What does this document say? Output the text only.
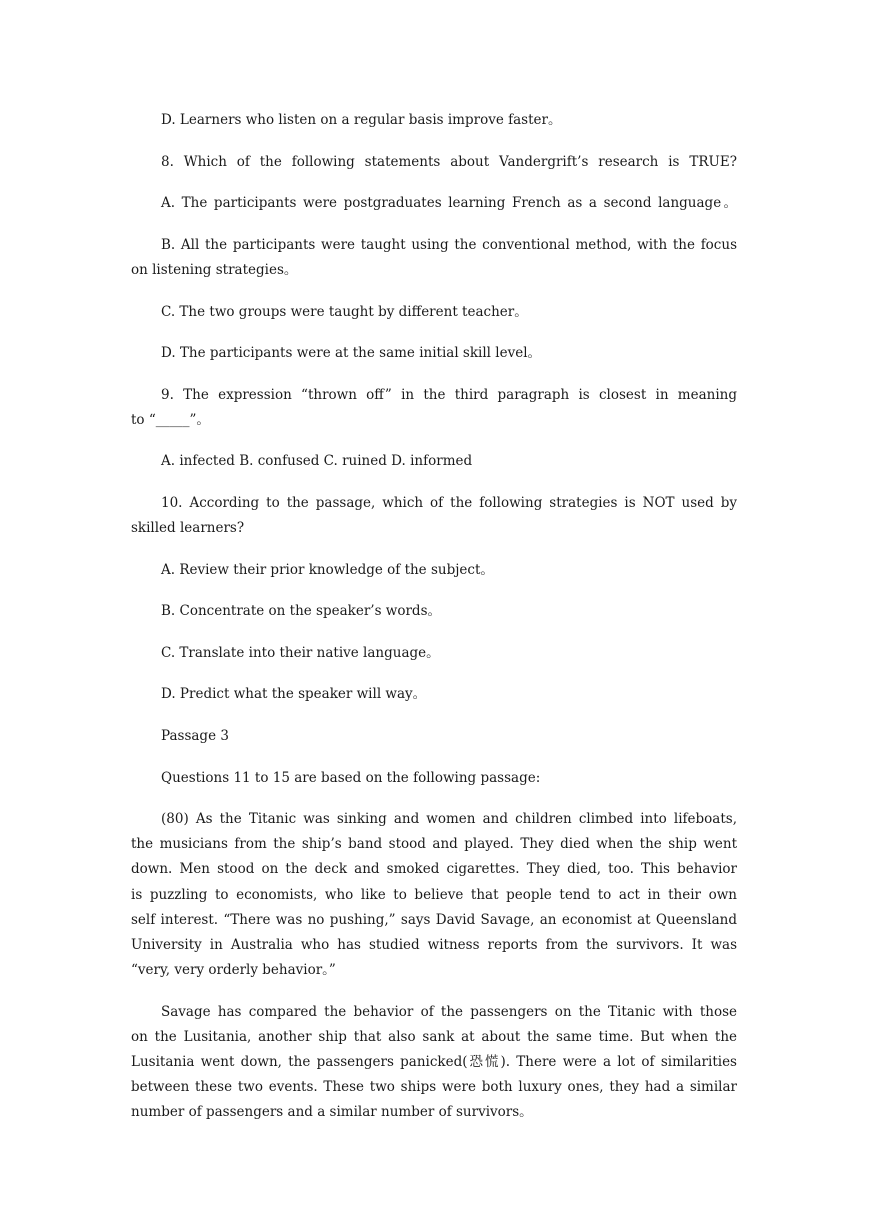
D. Learners who listen on a regular basis improve faster。
8. Which of the following statements about Vandergrift’s research is TRUE?
A. The participants were postgraduates learning French as a second language。
B. All the participants were taught using the conventional method, with the focus
on listening strategies。
C. The two groups were taught by different teacher。
D. The participants were at the same initial skill level。
9. The expression “thrown off” in the third paragraph is closest in meaning
to “_____”。
A. infected B. confused C. ruined D. informed
10. According to the passage, which of the following strategies is NOT used by
skilled learners?
A. Review their prior knowledge of the subject。
B. Concentrate on the speaker’s words。
C. Translate into their native language。
D. Predict what the speaker will way。
Passage 3
Questions 11 to 15 are based on the following passage:
(80) As the Titanic was sinking and women and children climbed into lifeboats,
the musicians from the ship’s band stood and played. They died when the ship went
down. Men stood on the deck and smoked cigarettes. They died, too. This behavior
is puzzling to economists, who like to believe that people tend to act in their own
self interest. “There was no pushing,” says David Savage, an economist at Queensland
University in Australia who has studied witness reports from the survivors. It was
“very, very orderly behavior。”
Savage has compared the behavior of the passengers on the Titanic with those
on the Lusitania, another ship that also sank at about the same time. But when the
Lusitania went down, the passengers panicked(恐慌). There were a lot of similarities
between these two events. These two ships were both luxury ones, they had a similar
number of passengers and a similar number of survivors。
